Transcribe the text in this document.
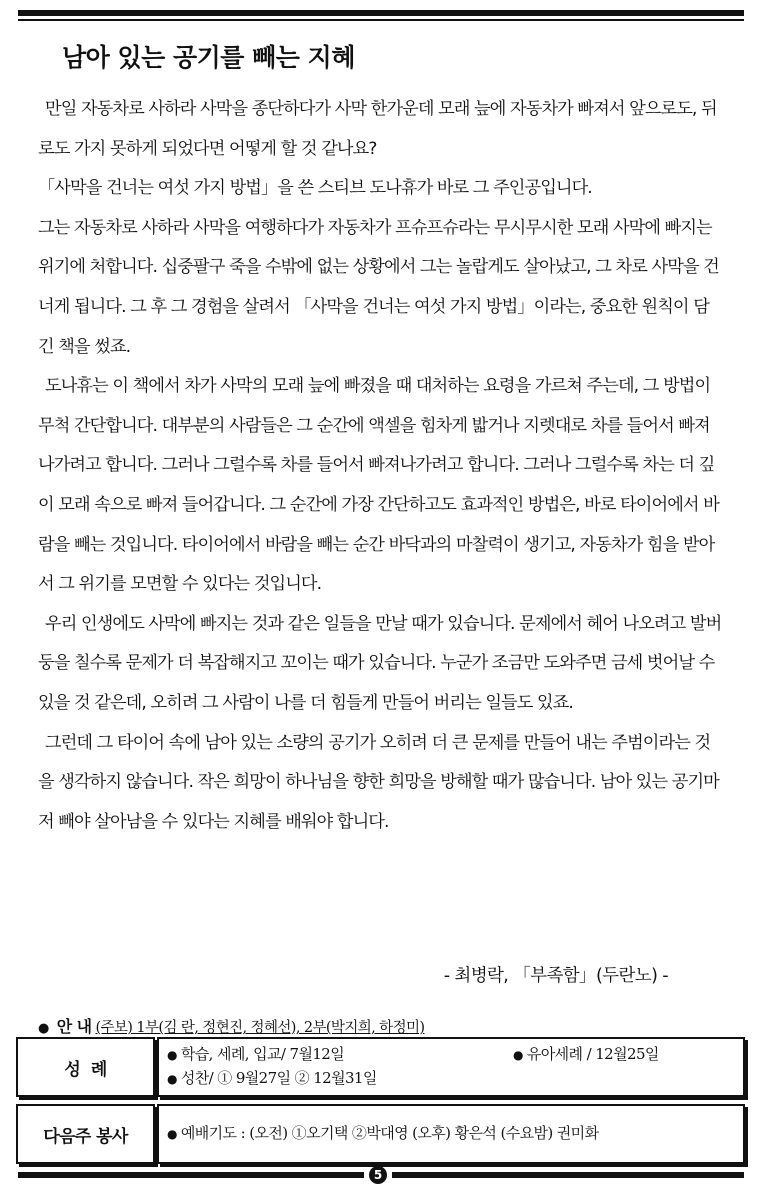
남아 있는 공기를 빼는 지혜

만일 자동차로 사하라 사막을 종단하다가 사막 한가운데 모래 늪에 자동차가 빠져서 앞으로도, 뒤로도 가지 못하게 되었다면 어떻게 할 것 같나요?

「사막을 건너는 여섯 가지 방법」을 쓴 스티브 도나휴가 바로 그 주인공입니다.

그는 자동차로 사하라 사막을 여행하다가 자동차가 프슈프슈라는 무시무시한 모래 사막에 빠지는 위기에 처합니다. 십중팔구 죽을 수밖에 없는 상황에서 그는 놀랍게도 살아났고, 그 차로 사막을 건너게 됩니다. 그 후 그 경험을 살려서 「사막을 건너는 여섯 가지 방법」이라는, 중요한 원칙이 담긴 책을 썼죠.

도나휴는 이 책에서 차가 사막의 모래 늪에 빠졌을 때 대처하는 요령을 가르쳐 주는데, 그 방법이 무척 간단합니다. 대부분의 사람들은 그 순간에 액셀을 힘차게 밟거나 지렛대로 차를 들어서 빠져나가려고 합니다. 그러나 그럴수록 차를 들어서 빠져나가려고 합니다. 그러나 그럴수록 차는 더 깊이 모래 속으로 빠져 들어갑니다. 그 순간에 가장 간단하고도 효과적인 방법은, 바로 타이어에서 바람을 빼는 것입니다. 타이어에서 바람을 빼는 순간 바닥과의 마찰력이 생기고, 자동차가 힘을 받아서 그 위기를 모면할 수 있다는 것입니다.

우리 인생에도 사막에 빠지는 것과 같은 일들을 만날 때가 있습니다. 문제에서 헤어 나오려고 발버둥을 칠수록 문제가 더 복잡해지고 꼬이는 때가 있습니다. 누군가 조금만 도와주면 금세 벗어날 수 있을 것 같은데, 오히려 그 사람이 나를 더 힘들게 만들어 버리는 일들도 있죠.

그런데 그 타이어 속에 남아 있는 소량의 공기가 오히려 더 큰 문제를 만들어 내는 주범이라는 것을 생각하지 않습니다. 작은 희망이 하나님을 향한 희망을 방해할 때가 많습니다. 남아 있는 공기마저 빼야 살아남을 수 있다는 지혜를 배워야 합니다.

- 최병락, 「부족함」(두란노) -
● 안 내 (주보) 1부(김 란, 정현진, 정혜선), 2부(박지희, 하정미)
성  례
● 학습, 세례, 입교/ 7월12일	● 유아세례 / 12월25일
● 성찬/ ① 9월27일 ② 12월31일
다음주 봉사	● 예배기도 : (오전) ①오기택 ②박대영 (오후) 황은석 (수요밤) 권미화
5
